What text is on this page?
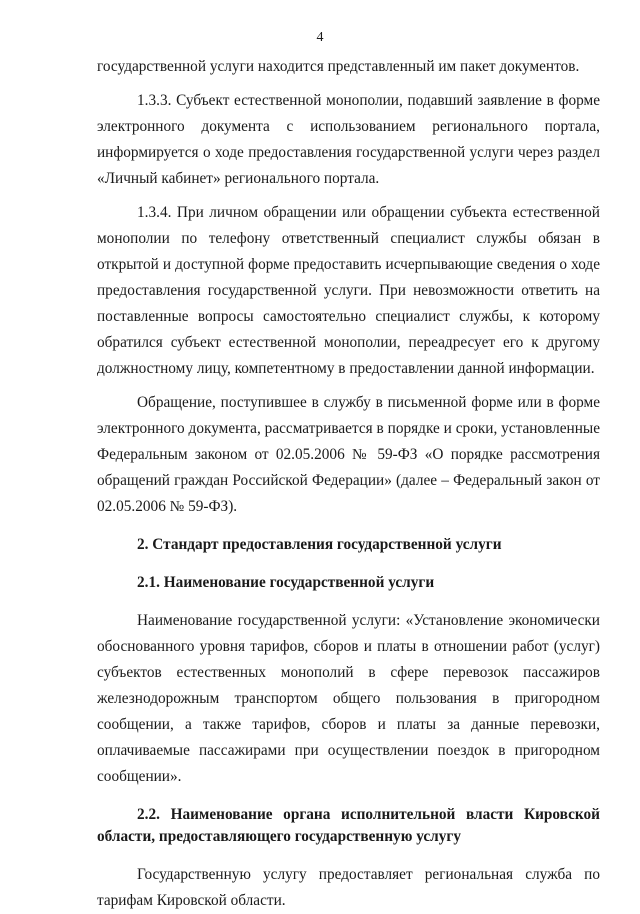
4

государственной услуги находится представленный им пакет документов.

1.3.3. Субъект естественной монополии, подавший заявление в форме электронного документа с использованием регионального портала, информируется о ходе предоставления государственной услуги через раздел «Личный кабинет» регионального портала.

1.3.4. При личном обращении или обращении субъекта естественной монополии по телефону ответственный специалист службы обязан в открытой и доступной форме предоставить исчерпывающие сведения о ходе предоставления государственной услуги. При невозможности ответить на поставленные вопросы самостоятельно специалист службы, к которому обратился субъект естественной монополии, переадресует его к другому должностному лицу, компетентному в предоставлении данной информации.

Обращение, поступившее в службу в письменной форме или в форме электронного документа, рассматривается в порядке и сроки, установленные Федеральным законом от 02.05.2006 № 59-ФЗ «О порядке рассмотрения обращений граждан Российской Федерации» (далее – Федеральный закон от 02.05.2006 № 59-ФЗ).

2. Стандарт предоставления государственной услуги
2.1. Наименование государственной услуги

Наименование государственной услуги: «Установление экономически обоснованного уровня тарифов, сборов и платы в отношении работ (услуг) субъектов естественных монополий в сфере перевозок пассажиров железнодорожным транспортом общего пользования в пригородном сообщении, а также тарифов, сборов и платы за данные перевозки, оплачиваемые пассажирами при осуществлении поездок в пригородном сообщении».

2.2. Наименование органа исполнительной власти Кировской области, предоставляющего государственную услугу

Государственную услугу предоставляет региональная служба по тарифам Кировской области.
